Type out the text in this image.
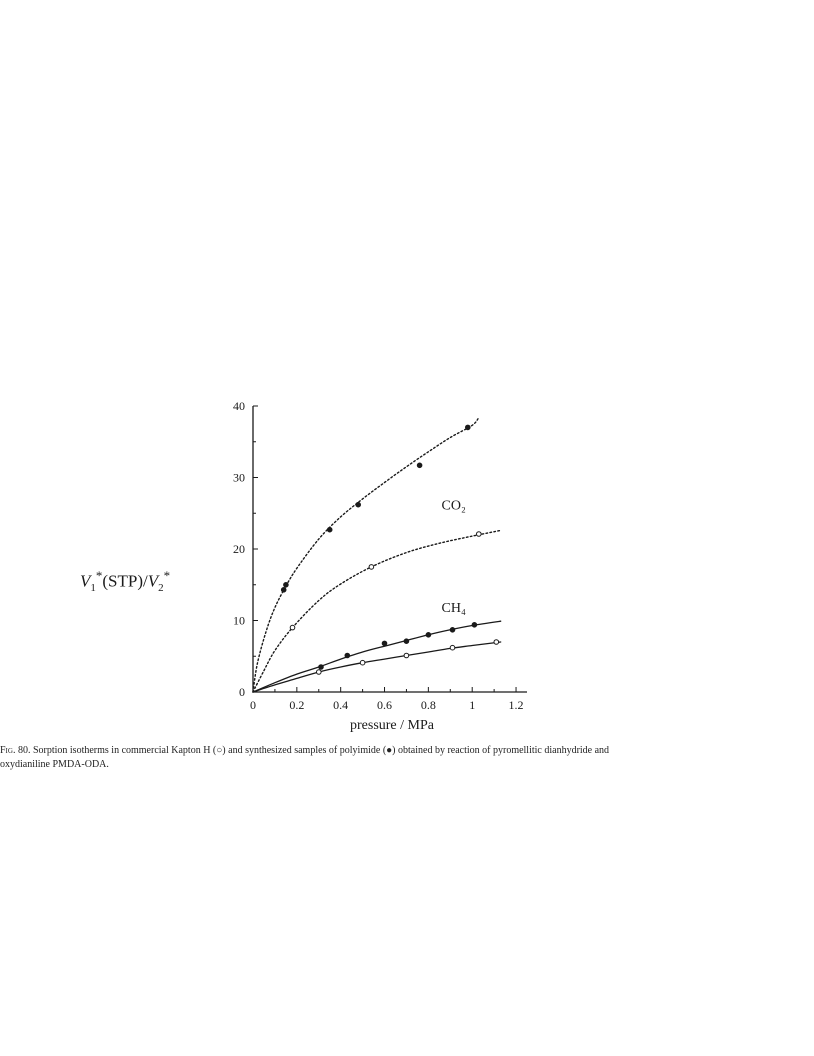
0	0.2 0.4 0.6 0.8	1	1.2
0
10
20
30
40
pressure / MPa
CO₂
CH₄
$V_1^*(STP)/V_2^*$
Fig. 80. Sorption isotherms in commercial Kapton H (○) and synthesized samples of polyimide (●) obtained by reaction of pyromellitic dianhydride and oxydianiline PMDA-ODA.
